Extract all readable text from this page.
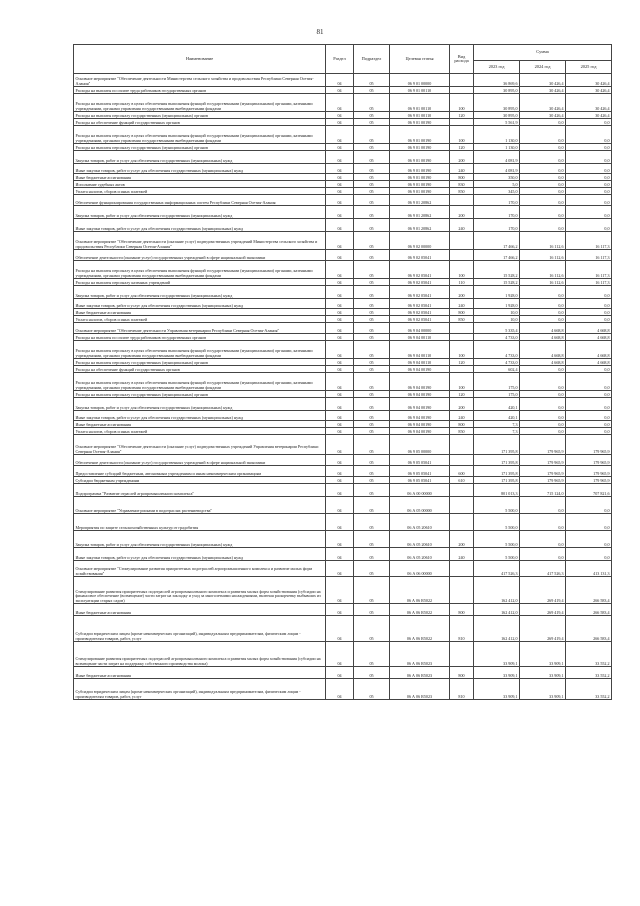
81
Наименование	Раздел	Подраздел	Целевая статья	Вид расхода	Сумма		
					2023 год	2024 год	2025 год
Основное мероприятие "Обеспечение деятельности Министерства сельского хозяйства и продовольствия Республики Северная Осетия-Алания"	04	05	06 9 01 00000		36 869,6	30 426,4	30 426,4
Расходы на выплаты по оплате труда работников государственных органов	04	05	06 9 01 00110		30 895,0	30 426,4	30 426,4
Расходы на выплаты персоналу в целях обеспечения выполнения функций государственными (муниципальными) органами, казенными учреждениями, органами управления государственными внебюджетными фондами	04	05	06 9 01 00110	100	30 895,0	30 426,4	30 426,4
Расходы на выплаты персоналу государственных (муниципальных) органов	04	05	06 9 01 00110	120	30 895,0	30 426,4	30 426,4
Расходы на обеспечение функций государственных органов	04	05	06 9 01 00190		5 561,9	0,0	0,0
Расходы на выплаты персоналу в целях обеспечения выполнения функций государственными (муниципальными) органами, казенными учреждениями, органами управления государственными внебюджетными фондами	04	05	06 9 01 00190	100	1 130,0	0,0	0,0
Расходы на выплаты персоналу государственных (муниципальных) органов	04	05	06 9 01 00190	120	1 130,0	0,0	0,0
Закупка товаров, работ и услуг для обеспечения государственных (муниципальных) нужд	04	05	06 9 01 00190	200	4 081,9	0,0	0,0
Иные закупки товаров, работ и услуг для обеспечения государственных (муниципальных) нужд	04	05	06 9 01 00190	240	4 081,9	0,0	0,0
Иные бюджетные ассигнования	04	05	06 9 01 00190	800	350,0	0,0	0,0
Исполнение судебных актов	04	05	06 9 01 00190	830	5,0	0,0	0,0
Уплата налогов, сборов и иных платежей	04	05	06 9 01 00190	850	345,0	0,0	0,0
Обеспечение функционирования государственных информационных систем Республики Северная Осетия-Алания	04	05	06 9 01 20862		170,0	0,0	0,0
Закупка товаров, работ и услуг для обеспечения государственных (муниципальных) нужд	04	05	06 9 01 20862	200	170,0	0,0	0,0
Иные закупки товаров, работ и услуг для обеспечения государственных (муниципальных) нужд	04	05	06 9 01 20862	240	170,0	0,0	0,0
Основное мероприятие "Обеспечение деятельности (оказание услуг) подведомственных учреждений Министерства сельского хозяйства и продовольствия Республики Северная Осетия-Алания"	04	05	06 9 02 00000		17 466,2	16 112,6	16 117,3
Обеспечение деятельности (оказание услуг) государственных учреждений в сфере национальной экономики	04	05	06 9 02 05041		17 466,2	16 112,6	16 117,3
Расходы на выплаты персоналу в целях обеспечения выполнения функций государственными (муниципальными) органами, казенными учреждениями, органами управления государственными внебюджетными фондами	04	05	06 9 02 05041	100	15 528,2	16 112,6	16 117,3
Расходы на выплаты персоналу казенных учреждений	04	05	06 9 02 05041	110	15 528,2	16 112,6	16 117,3
Закупка товаров, работ и услуг для обеспечения государственных (муниципальных) нужд	04	05	06 9 02 05041	200	1 928,0	0,0	0,0
Иные закупки товаров, работ и услуг для обеспечения государственных (муниципальных) нужд	04	05	06 9 02 05041	240	1 928,0	0,0	0,0
Иные бюджетные ассигнования	04	05	06 9 02 05041	800	10,0	0,0	0,0
Уплата налогов, сборов и иных платежей	04	05	06 9 02 05041	850	10,0	0,0	0,0
Основное мероприятие "Обеспечение деятельности Управления ветеринарии Республики Северная Осетия-Алания"	04	05	06 9 04 00000		5 335,4	4 668,8	4 668,8
Расходы на выплаты по оплате труда работников государственных органов	04	05	06 9 04 00110		4 733,0	4 668,8	4 668,8
Расходы на выплаты персоналу в целях обеспечения выполнения функций государственными (муниципальными) органами, казенными учреждениями, органами управления государственными внебюджетными фондами	04	05	06 9 04 00110	100	4 733,0	4 668,8	4 668,8
Расходы на выплаты персоналу государственных (муниципальных) органов	04	05	06 9 04 00110	120	4 733,0	4 668,8	4 668,8
Расходы на обеспечение функций государственных органов	04	05	06 9 04 00190		602,4	0,0	0,0
Расходы на выплаты персоналу в целях обеспечения выполнения функций государственными (муниципальными) органами, казенными учреждениями, органами управления государственными внебюджетными фондами	04	05	06 9 04 00190	100	175,0	0,0	0,0
Расходы на выплаты персоналу государственных (муниципальных) органов	04	05	06 9 04 00190	120	175,0	0,0	0,0
Закупка товаров, работ и услуг для обеспечения государственных (муниципальных) нужд	04	05	06 9 04 00190	200	420,1	0,0	0,0
Иные закупки товаров, работ и услуг для обеспечения государственных (муниципальных) нужд	04	05	06 9 04 00190	240	420,1	0,0	0,0
Иные бюджетные ассигнования	04	05	06 9 04 00190	800	7,3	0,0	0,0
Уплата налогов, сборов и иных платежей	04	05	06 9 04 00190	850	7,3	0,0	0,0
Основное мероприятие "Обеспечение деятельности (оказание услуг) подведомственных учреждений Управления ветеринарии Республики Северная Осетия-Алания"	04	05	06 9 05 00000		171 395,8	179 965,9	179 965,9
Обеспечение деятельности (оказание услуг) государственных учреждений в сфере национальной экономики	04	05	06 9 05 05041		171 395,8	179 965,9	179 965,9
Предоставление субсидий бюджетным, автономным учреждениям и иным некоммерческим организациям	04	05	06 9 05 05041	600	171 395,8	179 965,9	179 965,9
Субсидии бюджетным учреждениям	04	05	06 9 05 05041	610	171 395,8	179 965,9	179 965,9
Подпрограмма "Развитие отраслей агропромышленного комплекса"	04	05	06 А 00 00000		801 013,3	715 124,0	707 821,6
Основное мероприятие "Управление рисками в подотраслях растениеводства"	04	05	06 А 05 00000		5 500,0	0,0	0,0
Мероприятия по защите сельскохозяйственных культур от градобития	04	05	06 А 05 20610		5 500,0	0,0	0,0
Закупка товаров, работ и услуг для обеспечения государственных (муниципальных) нужд	04	05	06 А 05 20610	200	5 500,0	0,0	0,0
Иные закупки товаров, работ и услуг для обеспечения государственных (муниципальных) нужд	04	05	06 А 05 20610	240	5 500,0	0,0	0,0
Основное мероприятие "Стимулирование развития приоритетных подотраслей агропромышленного комплекса и развитие малых форм хозяйствования"	04	05	06 А 06 00000		417 526,3	417 526,3	413 131,3
Стимулирование развития приоритетных подотраслей агропромышленного комплекса и развития малых форм хозяйствования (субсидии на финансовое обеспечение (возмещение) части затрат на закладку и уход за многолетними насаждениями, включая раскорчевку выбывших из эксплуатации старых садов)	04	05	06 А 06 R5022		162 412,0	269 419,4	266 583,4
Иные бюджетные ассигнования	04	05	06 А 06 R5022	800	162 412,0	269 419,4	266 583,4
Субсидии юридическим лицам (кроме некоммерческих организаций), индивидуальным предпринимателям, физическим лицам - производителям товаров, работ, услуг	04	05	06 А 06 R5022	810	162 412,0	269 419,4	266 583,4
Стимулирование развития приоритетных подотраслей агропромышленного комплекса и развития малых форм хозяйствования (субсидии на возмещение части затрат на поддержку собственного производства молока)	04	05	06 А 06 R5023		33 909,1	33 909,1	33 552,2
Иные бюджетные ассигнования	04	05	06 А 06 R5023	800	33 909,1	33 909,1	33 552,2
Субсидии юридическим лицам (кроме некоммерческих организаций), индивидуальным предпринимателям, физическим лицам - производителям товаров, работ, услуг	04	05	06 А 06 R5023	810	33 909,1	33 909,1	33 552,2
